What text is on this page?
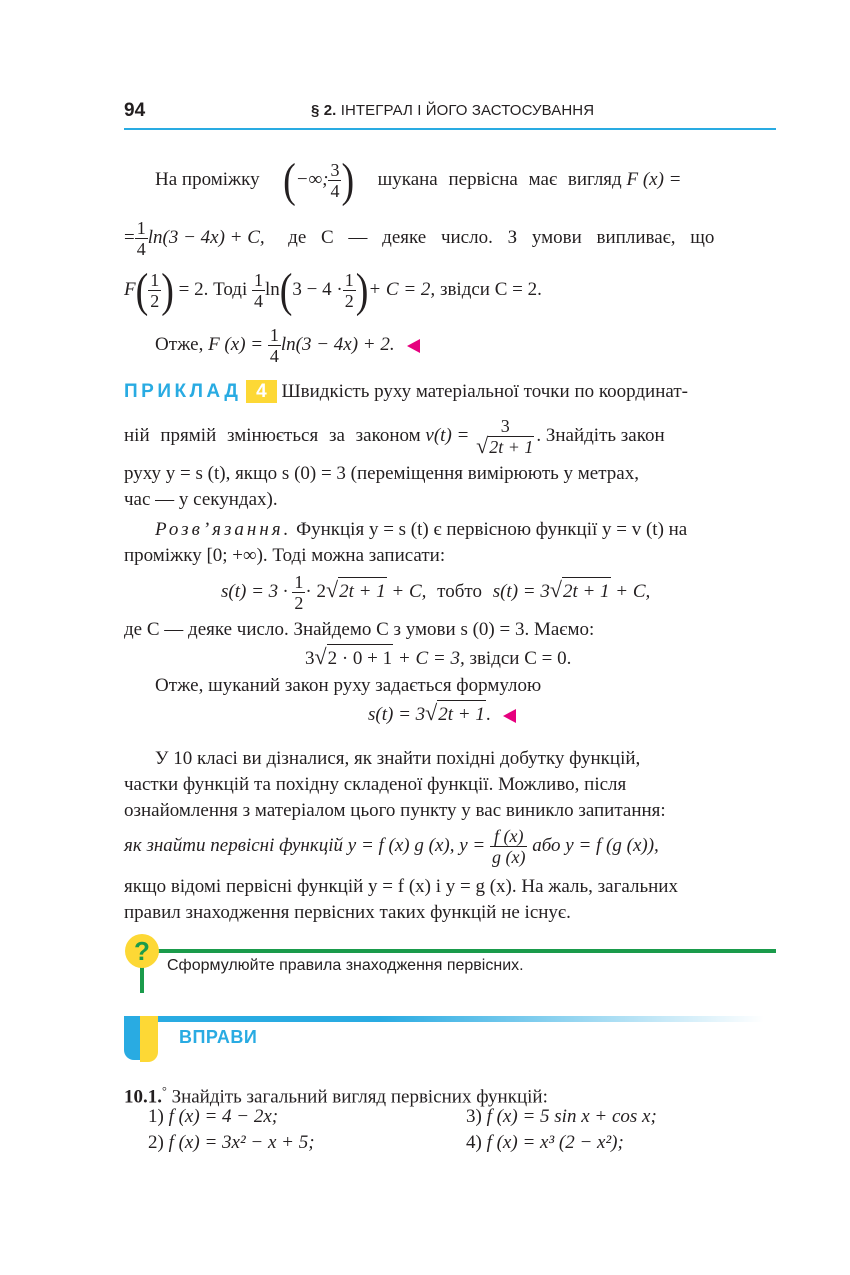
94	§ 2. ІНТЕГРАЛ І ЙОГО ЗАСТОСУВАННЯ
На проміжку (−∞; $\frac{3}{4}$ ) шукана первісна має вигляд F (x) =
= $\frac{1}{4} \ln(3 - 4x) + C$, де C — деяке число. З умови випливає, що
$F( \frac{1}{2}$ ) = 2. Тоді $\frac{1}{4} \ln(3 - 4 \cdot \frac{1}{2}$ )+ C = 2, звідси C = 2.
Отже, F $(x) = \frac{1}{4} \ln(3 - 4x) + 2$.
ПРИКЛАД 4 Швидкість руху матеріальної точки по координат-
ній прямій змінюється за законом v(t) =	3
√2t + 1
. Знайдіть закон
руху y = s (t), якщо s (0) = 3 (переміщення вимірюють у метрах,
час — у секундах).
Розв’язання. Функція y = s (t) є первісною функції y = v (t) на
проміжку [0; +∞). Тоді можна записати:
$s(t) = 3 \cdot \frac{1}{2} \cdot 2√2t + 1 + C$, тобто s(t) = 3√2t + 1 + C,
де C — деяке число. Знайдемо C з умови s (0) = 3. Маємо:
3√2 · 0 + 1 + C = 3, звідси C = 0.
Отже, шуканий закон руху задається формулою
s(t) = 3√2t + 1.
У 10 класі ви дізналися, як знайти похідні добутку функцій,
частки функцій та похідну складеної функції. Можливо, після
ознайомлення з матеріалом цього пункту у вас виникло запитання:
як знайти первісні функцій y = f (x) g (x), $y = \frac{f (x)}{g (x)}$ або y = f (g (x)),
якщо відомі первісні функцій y = f (x) і y = g (x). На жаль, загальних
правил знаходження первісних таких функцій не існує.
?	Сформулюйте правила знаходження первісних.
ВПРАВИ
10.1.° Знайдіть загальний вигляд первісних функцій:
1) f (x) = 4 − 2x;	3) f (x) = 5 sin x + cos x;
2) f (x) = 3x² − x + 5;	4) f (x) = x³ (2 − x²);
